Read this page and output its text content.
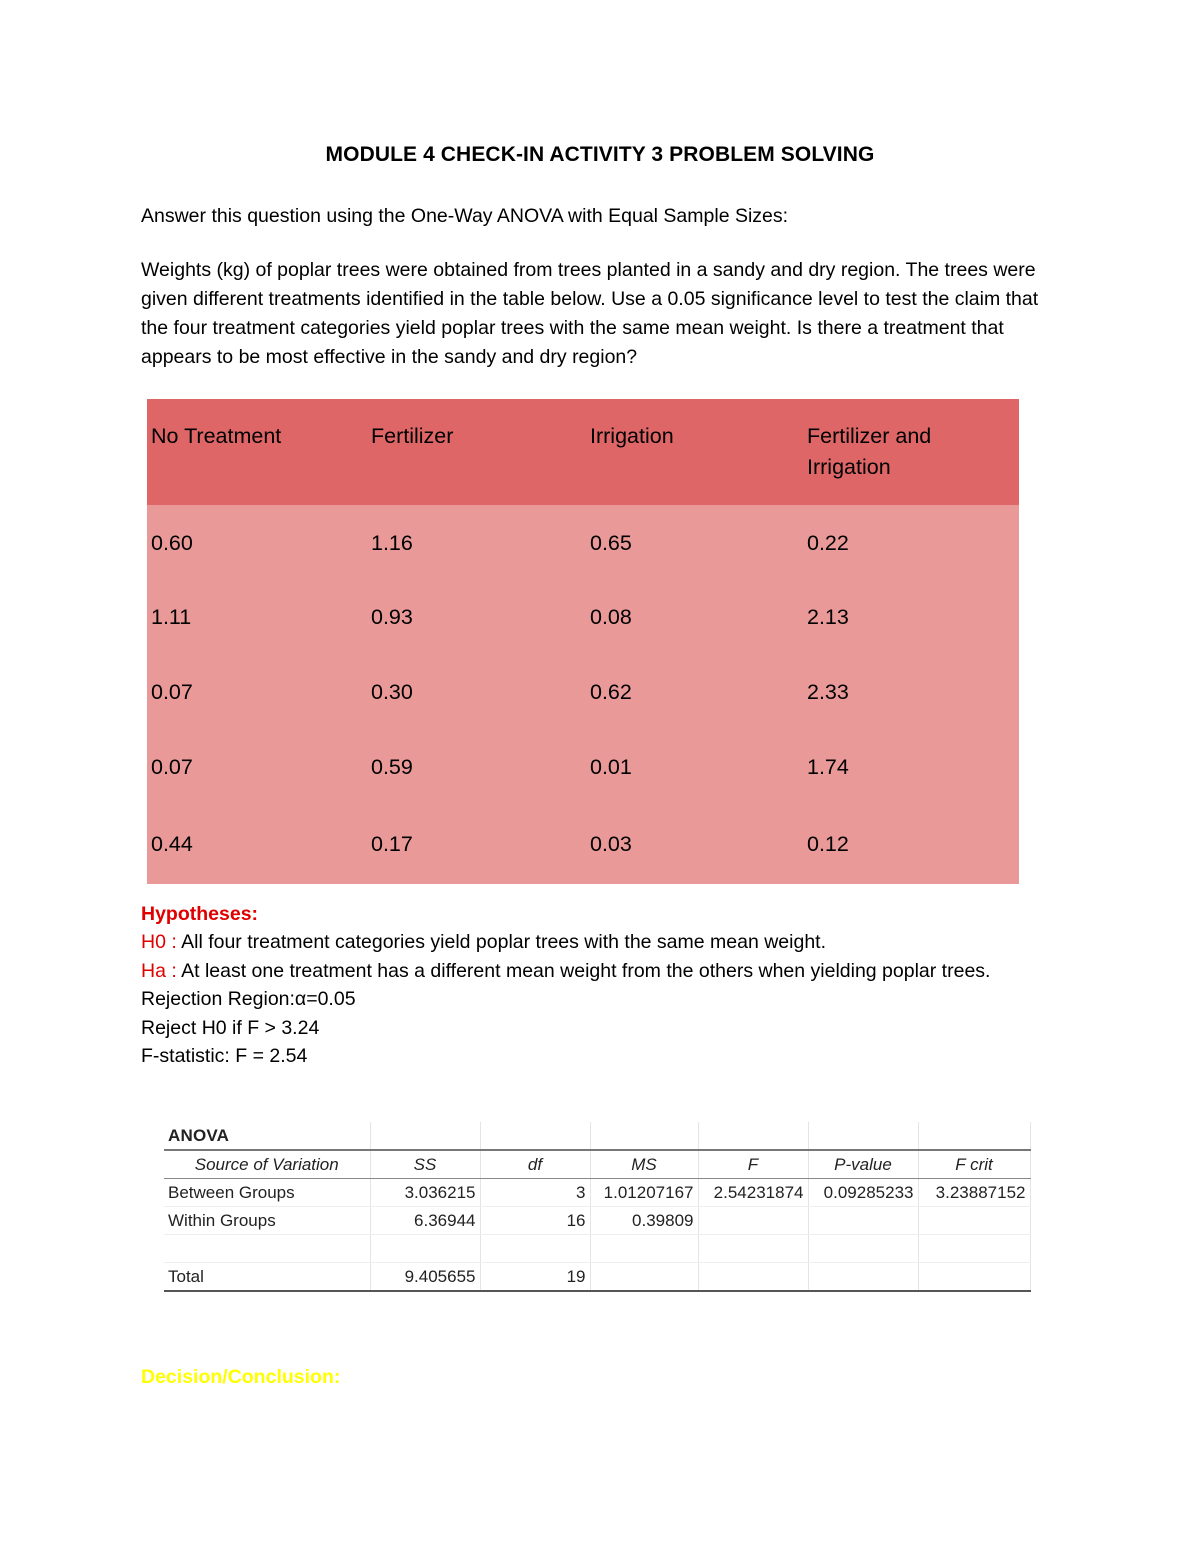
MODULE 4 CHECK-IN ACTIVITY 3 PROBLEM SOLVING
Answer this question using the One-Way ANOVA with Equal Sample Sizes:
Weights (kg) of poplar trees were obtained from trees planted in a sandy and dry region. The trees were given different treatments identified in the table below. Use a 0.05 significance level to test the claim that the four treatment categories yield poplar trees with the same mean weight. Is there a treatment that appears to be most effective in the sandy and dry region?
No Treatment	Fertilizer	Irrigation	Fertilizer and Irrigation
0.60	1.16	0.65	0.22
1.11	0.93	0.08	2.13
0.07	0.30	0.62	2.33
0.07	0.59	0.01	1.74
0.44	0.17	0.03	0.12
Hypotheses:
H0 : All four treatment categories yield poplar trees with the same mean weight.
Ha : At least one treatment has a different mean weight from the others when yielding poplar trees.
Rejection Region:α=0.05
Reject H0 if F > 3.24
F-statistic: F = 2.54
ANOVA						
Source of Variation	SS	df	MS	F	P-value	F crit
Between Groups	3.036215	3	1.01207167	2.54231874	0.09285233	3.23887152
Within Groups	6.36944	16	0.39809			

Total	9.405655	19				
Decision/Conclusion:
